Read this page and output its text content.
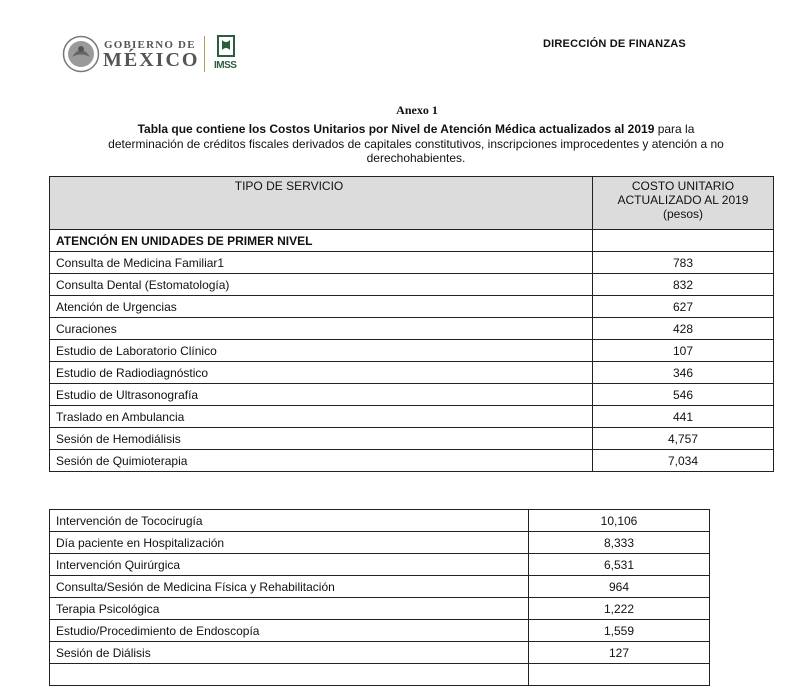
GOBIERNO DE
MÉXICO IMSS
DIRECCIÓN DE FINANZAS
Anexo 1
Tabla que contiene los Costos Unitarios por Nivel de Atención Médica actualizados al 2019 para la determinación de créditos fiscales derivados de capitales constitutivos, inscripciones improcedentes y atención a no derechohabientes.
TIPO DE SERVICIO	COSTO UNITARIO ACTUALIZADO AL 2019 (pesos)
ATENCIÓN EN UNIDADES DE PRIMER NIVEL	
Consulta de Medicina Familiar1	783
Consulta Dental (Estomatología)	832
Atención de Urgencias	627
Curaciones	428
Estudio de Laboratorio Clínico	107
Estudio de Radiodiagnóstico	346
Estudio de Ultrasonografía	546
Traslado en Ambulancia	441
Sesión de Hemodiálisis	4,757
Sesión de Quimioterapia	7,034
Intervención de Tococirugía	10,106
Día paciente en Hospitalización	8,333
Intervención Quirúrgica	6,531
Consulta/Sesión de Medicina Física y Rehabilitación	964
Terapia Psicológica	1,222
Estudio/Procedimiento de Endoscopía	1,559
Sesión de Diálisis	127
